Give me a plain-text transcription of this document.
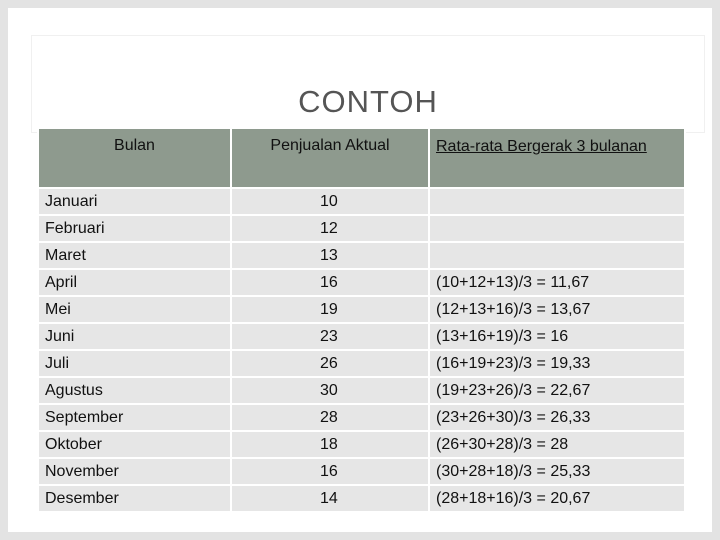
CONTOH
Bulan	Penjualan Aktual	Rata-rata Bergerak 3 bulanan
Januari	10	
Februari	12	
Maret	13	
April	16	(10+12+13)/3 = 11,67
Mei	19	(12+13+16)/3 = 13,67
Juni	23	(13+16+19)/3 = 16
Juli	26	(16+19+23)/3 = 19,33
Agustus	30	(19+23+26)/3 = 22,67
September	28	(23+26+30)/3 = 26,33
Oktober	18	(26+30+28)/3 = 28
November	16	(30+28+18)/3 = 25,33
Desember	14	(28+18+16)/3 = 20,67
